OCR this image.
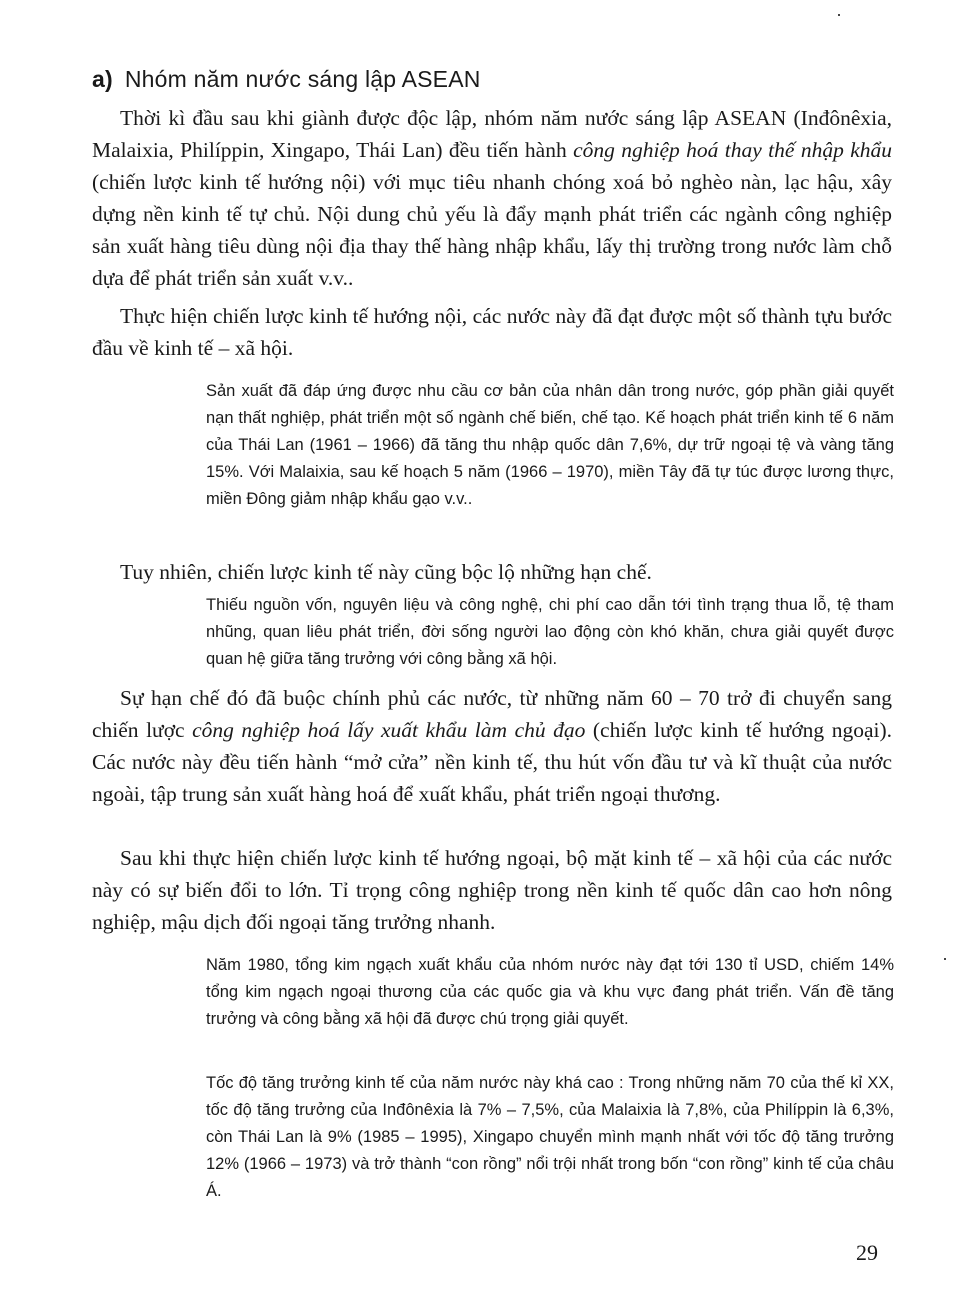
a) Nhóm năm nước sáng lập ASEAN

Thời kì đầu sau khi giành được độc lập, nhóm năm nước sáng lập ASEAN (Inđônêxia, Malaixia, Philíppin, Xingapo, Thái Lan) đều tiến hành công nghiệp hoá thay thế nhập khẩu (chiến lược kinh tế hướng nội) với mục tiêu nhanh chóng xoá bỏ nghèo nàn, lạc hậu, xây dựng nền kinh tế tự chủ. Nội dung chủ yếu là đẩy mạnh phát triển các ngành công nghiệp sản xuất hàng tiêu dùng nội địa thay thế hàng nhập khẩu, lấy thị trường trong nước làm chỗ dựa để phát triển sản xuất v.v..

Thực hiện chiến lược kinh tế hướng nội, các nước này đã đạt được một số thành tựu bước đầu về kinh tế – xã hội.

Sản xuất đã đáp ứng được nhu cầu cơ bản của nhân dân trong nước, góp phần giải quyết nạn thất nghiệp, phát triển một số ngành chế biến, chế tạo. Kế hoạch phát triển kinh tế 6 năm của Thái Lan (1961 – 1966) đã tăng thu nhập quốc dân 7,6%, dự trữ ngoại tệ và vàng tăng 15%. Với Malaixia, sau kế hoạch 5 năm (1966 – 1970), miền Tây đã tự túc được lương thực, miền Đông giảm nhập khẩu gạo v.v..

Tuy nhiên, chiến lược kinh tế này cũng bộc lộ những hạn chế.

Thiếu nguồn vốn, nguyên liệu và công nghệ, chi phí cao dẫn tới tình trạng thua lỗ, tệ tham nhũng, quan liêu phát triển, đời sống người lao động còn khó khăn, chưa giải quyết được quan hệ giữa tăng trưởng với công bằng xã hội.

Sự hạn chế đó đã buộc chính phủ các nước, từ những năm 60 – 70 trở đi chuyển sang chiến lược công nghiệp hoá lấy xuất khẩu làm chủ đạo (chiến lược kinh tế hướng ngoại). Các nước này đều tiến hành “mở cửa” nền kinh tế, thu hút vốn đầu tư và kĩ thuật của nước ngoài, tập trung sản xuất hàng hoá để xuất khẩu, phát triển ngoại thương.

Sau khi thực hiện chiến lược kinh tế hướng ngoại, bộ mặt kinh tế – xã hội của các nước này có sự biến đổi to lớn. Tỉ trọng công nghiệp trong nền kinh tế quốc dân cao hơn nông nghiệp, mậu dịch đối ngoại tăng trưởng nhanh.

Năm 1980, tổng kim ngạch xuất khẩu của nhóm nước này đạt tới 130 tỉ USD, chiếm 14% tổng kim ngạch ngoại thương của các quốc gia và khu vực đang phát triển. Vấn đề tăng trưởng và công bằng xã hội đã được chú trọng giải quyết.

Tốc độ tăng trưởng kinh tế của năm nước này khá cao : Trong những năm 70 của thế kỉ XX, tốc độ tăng trưởng của Inđônêxia là 7% – 7,5%, của Malaixia là 7,8%, của Philíppin là 6,3%, còn Thái Lan là 9% (1985 – 1995), Xingapo chuyển mình mạnh nhất với tốc độ tăng trưởng 12% (1966 – 1973) và trở thành “con rồng” nổi trội nhất trong bốn “con rồng” kinh tế của châu Á.

29
